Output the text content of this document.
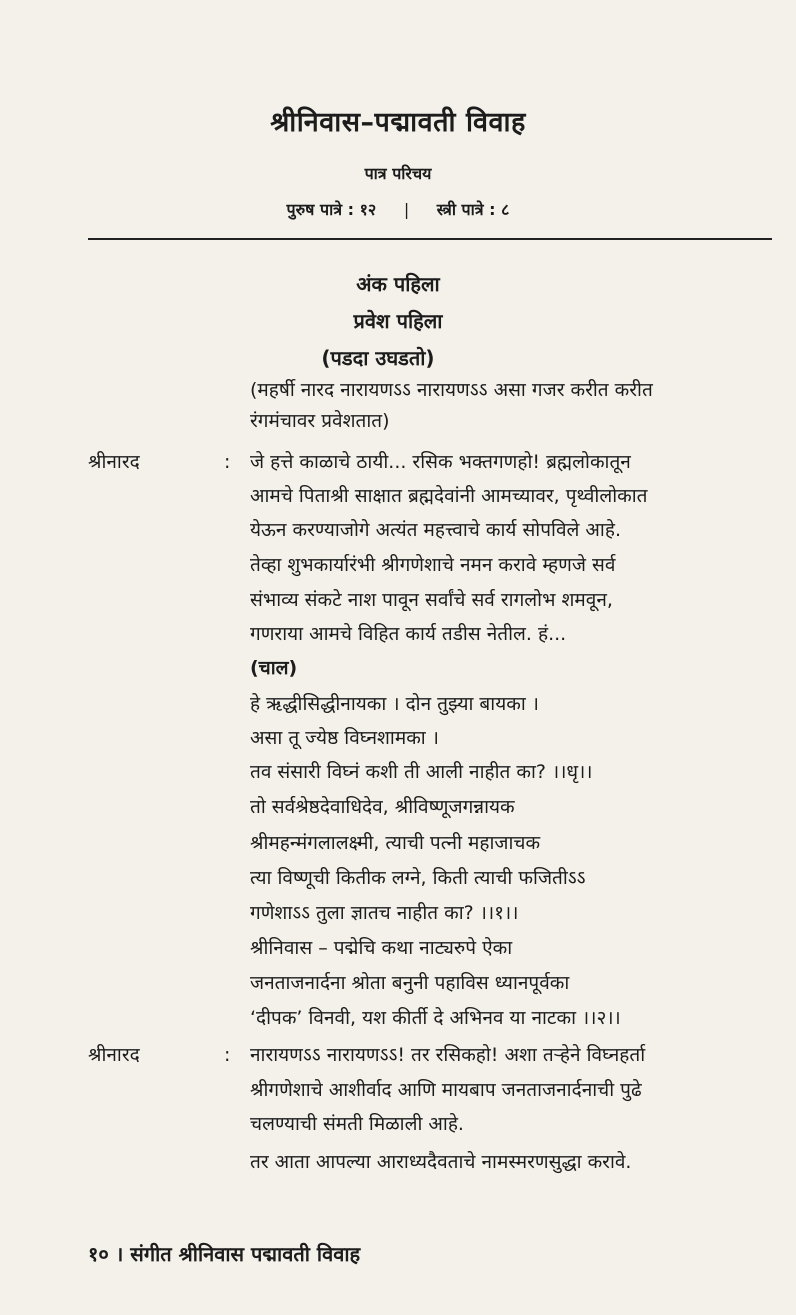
श्रीनिवास–पद्मावती विवाह
पात्र परिचय
पुरुष पात्रे : १२ | स्त्री पात्रे : ८
अंक पहिला
प्रवेश पहिला
(पडदा उघडतो)
(महर्षी नारद नारायणऽऽ नारायणऽऽ असा गजर करीत करीत
रंगमंचावर प्रवेशतात)
श्रीनारद	: जे हत्ते काळाचे ठायी... रसिक भक्तगणहो! ब्रह्मलोकातून
आमचे पिताश्री साक्षात ब्रह्मदेवांनी आमच्यावर, पृथ्वीलोकात
येऊन करण्याजोगे अत्यंत महत्त्वाचे कार्य सोपविले आहे.
तेव्हा शुभकार्यारंभी श्रीगणेशाचे नमन करावे म्हणजे सर्व
संभाव्य संकटे नाश पावून सर्वांचे सर्व रागलोभ शमवून,
गणराया आमचे विहित कार्य तडीस नेतील. हं...
(चाल)
हे ऋद्धीसिद्धीनायका । दोन तुझ्या बायका ।
असा तू ज्येष्ठ विघ्नशामका ।
तव संसारी विघ्नं कशी ती आली नाहीत का? ।।धृ।।
तो सर्वश्रेष्ठदेवाधिदेव, श्रीविष्णूजगन्नायक
श्रीमहन्मंगलालक्ष्मी, त्याची पत्नी महाजाचक
त्या विष्णूची कितीक लग्ने, किती त्याची फजितीऽऽ
गणेशाऽऽ तुला ज्ञातच नाहीत का? ।।१।।
श्रीनिवास – पद्मेचि कथा नाट्यरुपे ऐका
जनताजनार्दना श्रोता बनुनी पहाविस ध्यानपूर्वका
‘दीपक’ विनवी, यश कीर्ती दे अभिनव या नाटका ।।२।।
श्रीनारद	: नारायणऽऽ नारायणऽऽ! तर रसिकहो! अशा तऱ्हेने विघ्नहर्ता
श्रीगणेशाचे आशीर्वाद आणि मायबाप जनताजनार्दनाची पुढे
चलण्याची संमती मिळाली आहे.
तर आता आपल्या आराध्यदैवताचे नामस्मरणसुद्धा करावे.
१० । संगीत श्रीनिवास पद्मावती विवाह
